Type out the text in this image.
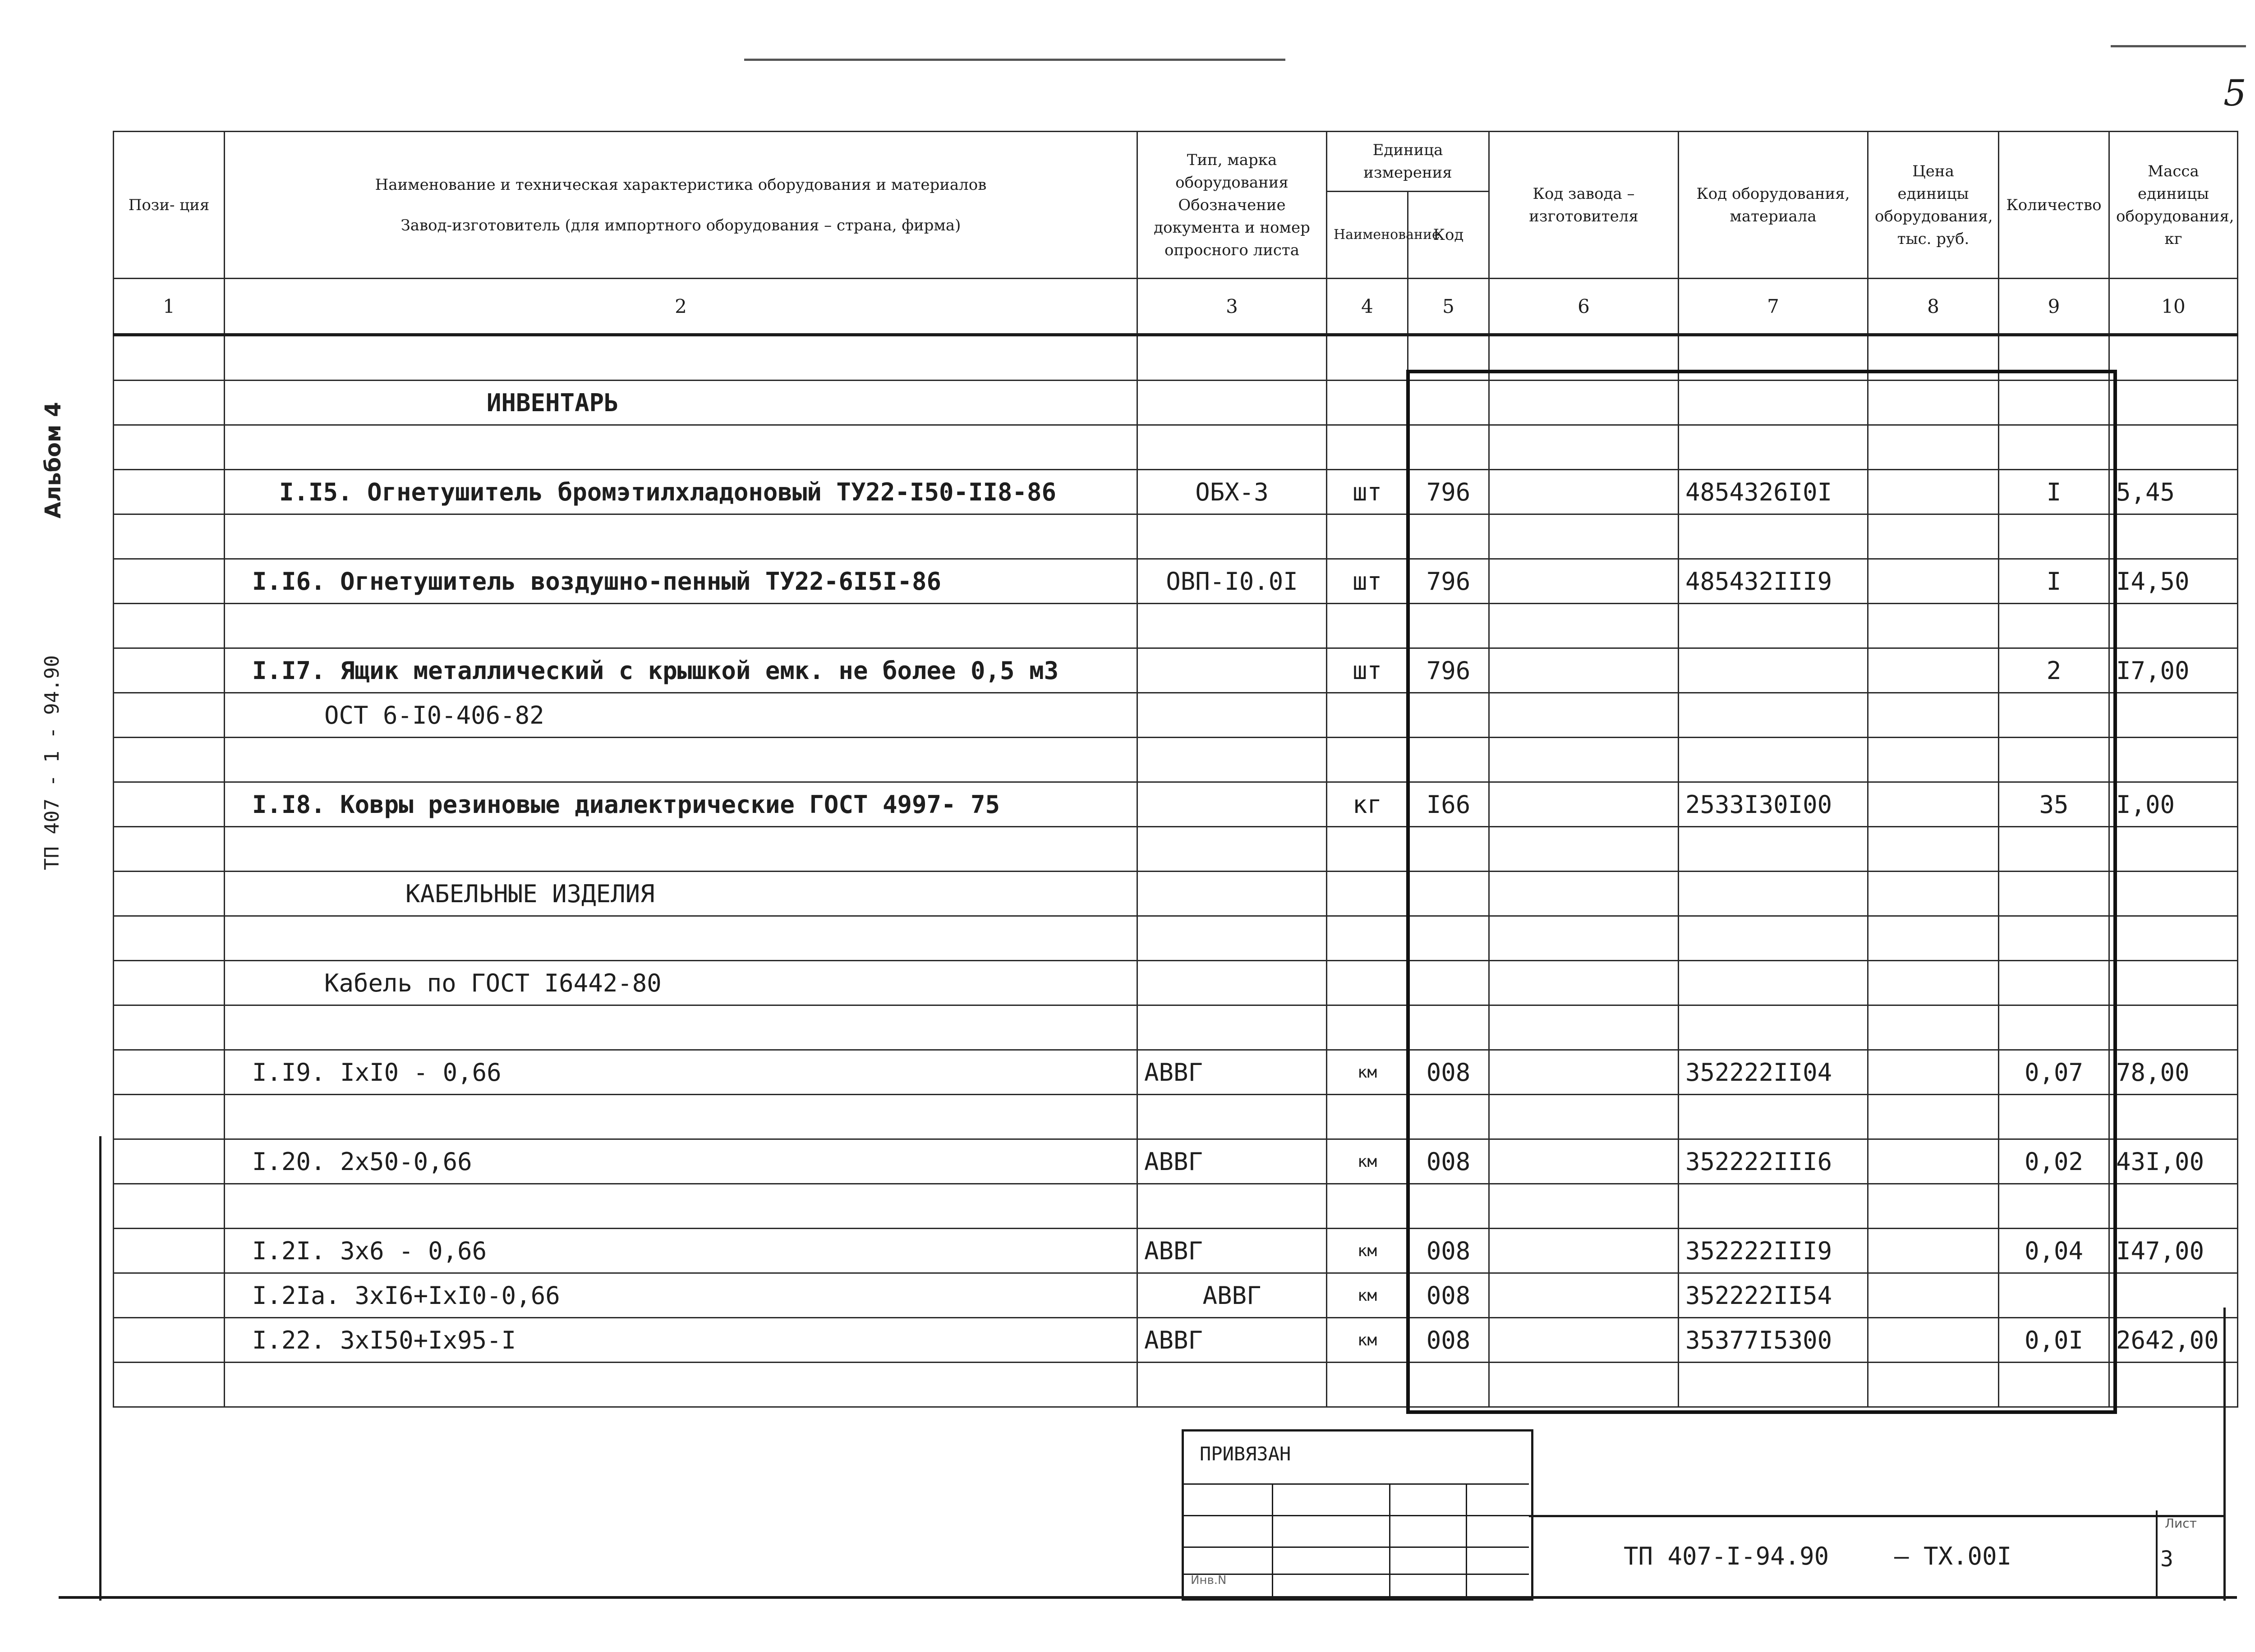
5
Альбом 4
ТП 407 - 1 - 94.90
Пози- ция	Наименование и техническая характеристика оборудования и материалов
Завод-изготовитель (для импортного оборудования – страна, фирма)	Тип, марка оборудования Обозначение документа и номер опросного листа	Единица измерения		Код завода – изготовителя	Код оборудования, материала	Цена единицы оборудования, тыс. руб.	Количество	Масса единицы оборудования, кг
			Наименование	Код					
1	2	3	4	5	6	7	8	9	10

	ИНВЕНТАРЬ								

	I.I5. Огнетушитель бромэтилхладоновый ТУ22-I50-II8-86	ОБХ-3	шт	796		4854326I0I		I	5,45

	I.I6. Огнетушитель воздушно-пенный ТУ22-6I5I-86	ОВП-I0.0I	шт	796		485432III9		I	I4,50

	I.I7. Ящик металлический с крышкой емк. не более 0,5 м3		шт	796				2	I7,00
	ОСТ 6-I0-406-82								

	I.I8. Ковры резиновые диалектрические ГОСТ 4997- 75		кг	I66		2533I30I00		35	I,00

	КАБЕЛЬНЫЕ ИЗДЕЛИЯ								

	Кабель по ГОСТ I6442-80								

	I.I9. IxI0 - 0,66	АВВГ	км	008		352222II04		0,07	78,00

	I.20. 2x50-0,66	АВВГ	км	008		352222III6		0,02	43I,00

	I.2I. 3x6 - 0,66	АВВГ	км	008		352222III9		0,04	I47,00
	I.2Iа. 3xI6+IxI0-0,66	АВВГ	км	008		352222II54			
	I.22. 3xI50+Ix95-I	АВВГ	км	008		35377I5300		0,0I	2642,00

ПРИВЯЗАН
Инв.N
ТП 407-I-94.90	– ТХ.00I
Лист
3
